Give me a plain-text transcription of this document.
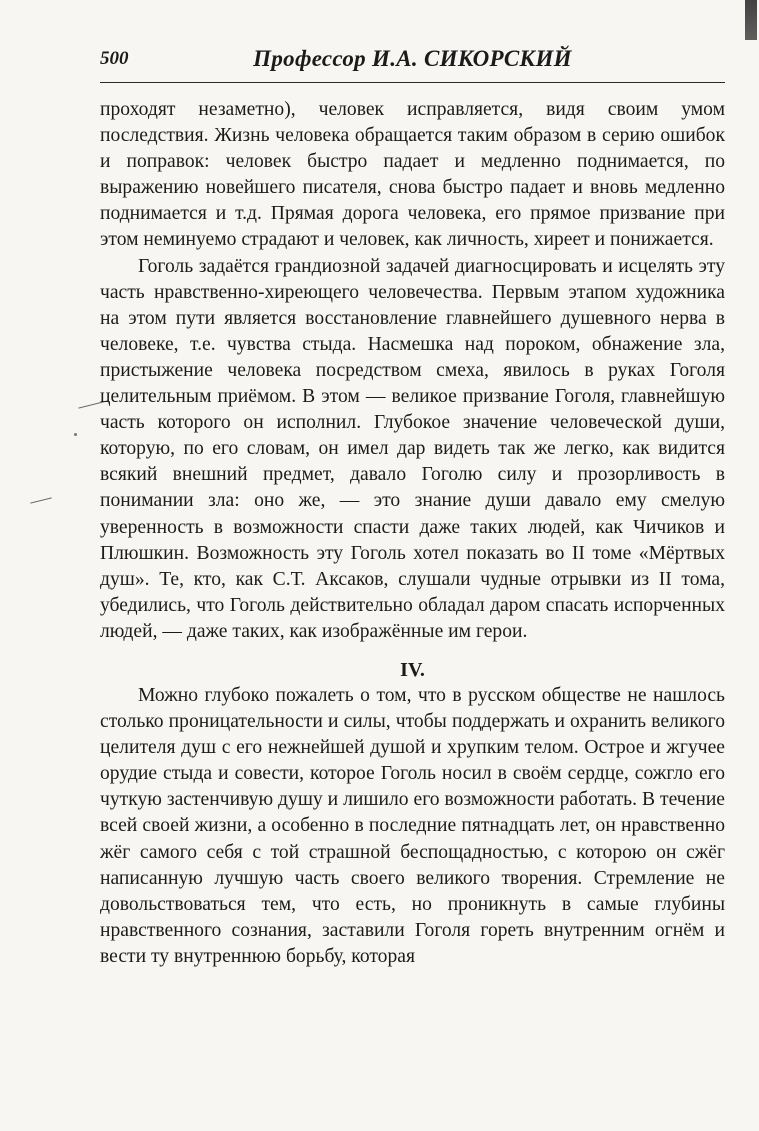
500	Профессор И.А. СИКОРСКИЙ

проходят незаметно), человек исправляется, видя своим умом последствия. Жизнь человека обращается таким образом в серию ошибок и поправок: человек быстро падает и медленно поднимается, по выражению новейшего писателя, снова быстро падает и вновь медленно поднимается и т.д. Прямая дорога человека, его прямое призвание при этом неминуемо страдают и человек, как личность, хиреет и понижается.

Гоголь задаётся грандиозной задачей диагносцировать и исцелять эту часть нравственно-хиреющего человечества. Первым этапом художника на этом пути является восстановление главнейшего душевного нерва в человеке, т.е. чувства стыда. Насмешка над пороком, обнажение зла, пристыжение человека посредством смеха, явилось в руках Гоголя целительным приёмом. В этом — великое призвание Гоголя, главнейшую часть которого он исполнил. Глубокое значение человеческой души, которую, по его словам, он имел дар видеть так же легко, как видится всякий внешний предмет, давало Гоголю силу и прозорливость в понимании зла: оно же, — это знание души давало ему смелую уверенность в возможности спасти даже таких людей, как Чичиков и Плюшкин. Возможность эту Гоголь хотел показать во II томе «Мёртвых душ». Те, кто, как С.Т. Аксаков, слушали чудные отрывки из II тома, убедились, что Гоголь действительно обладал даром спасать испорченных людей, — даже таких, как изображённые им герои.

IV.

Можно глубоко пожалеть о том, что в русском обществе не нашлось столько проницательности и силы, чтобы поддержать и охранить великого целителя душ с его нежнейшей душой и хрупким телом. Острое и жгучее орудие стыда и совести, которое Гоголь носил в своём сердце, сожгло его чуткую застенчивую душу и лишило его возможности работать. В течение всей своей жизни, а особенно в последние пятнадцать лет, он нравственно жёг самого себя с той страшной беспощадностью, с которою он сжёг написанную лучшую часть своего великого творения. Стремление не довольствоваться тем, что есть, но проникнуть в самые глубины нравственного сознания, заставили Гоголя гореть внутренним огнём и вести ту внутреннюю борьбу, которая
